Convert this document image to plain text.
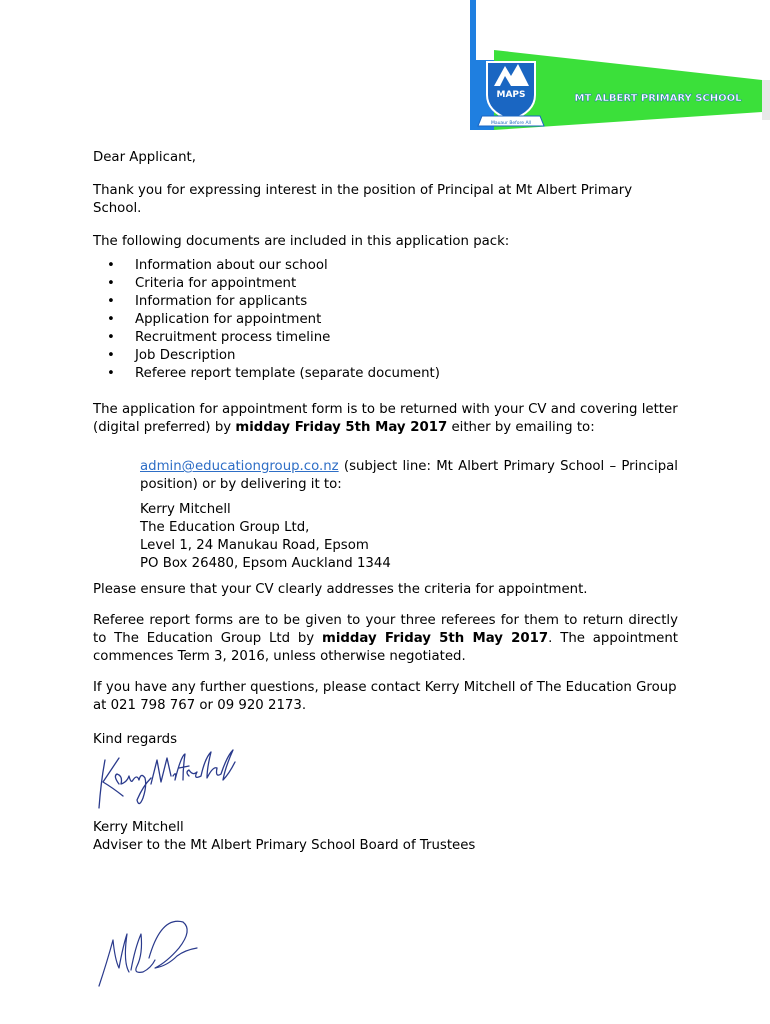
MT ALBERT PRIMARY SCHOOL
MAPS
Mauaur Before All

Dear Applicant,

Thank you for expressing interest in the position of Principal at Mt Albert Primary School.

The following documents are included in this application pack:

• Information about our school
• Criteria for appointment
• Information for applicants
• Application for appointment
• Recruitment process timeline
• Job Description
• Referee report template (separate document)

The application for appointment form is to be returned with your CV and covering letter (digital preferred) by midday Friday 5th May 2017 either by emailing to:

admin@educationgroup.co.nz (subject line: Mt Albert Primary School – Principal position) or by delivering it to:

Kerry Mitchell
The Education Group Ltd,
Level 1, 24 Manukau Road, Epsom
PO Box 26480, Epsom Auckland 1344

Please ensure that your CV clearly addresses the criteria for appointment.

Referee report forms are to be given to your three referees for them to return directly to The Education Group Ltd by midday Friday 5th May 2017. The appointment commences Term 3, 2016, unless otherwise negotiated.

If you have any further questions, please contact Kerry Mitchell of The Education Group at 021 798 767 or 09 920 2173.

Kind regards

Kerry Mitchell
Adviser to the Mt Albert Primary School Board of Trustees
